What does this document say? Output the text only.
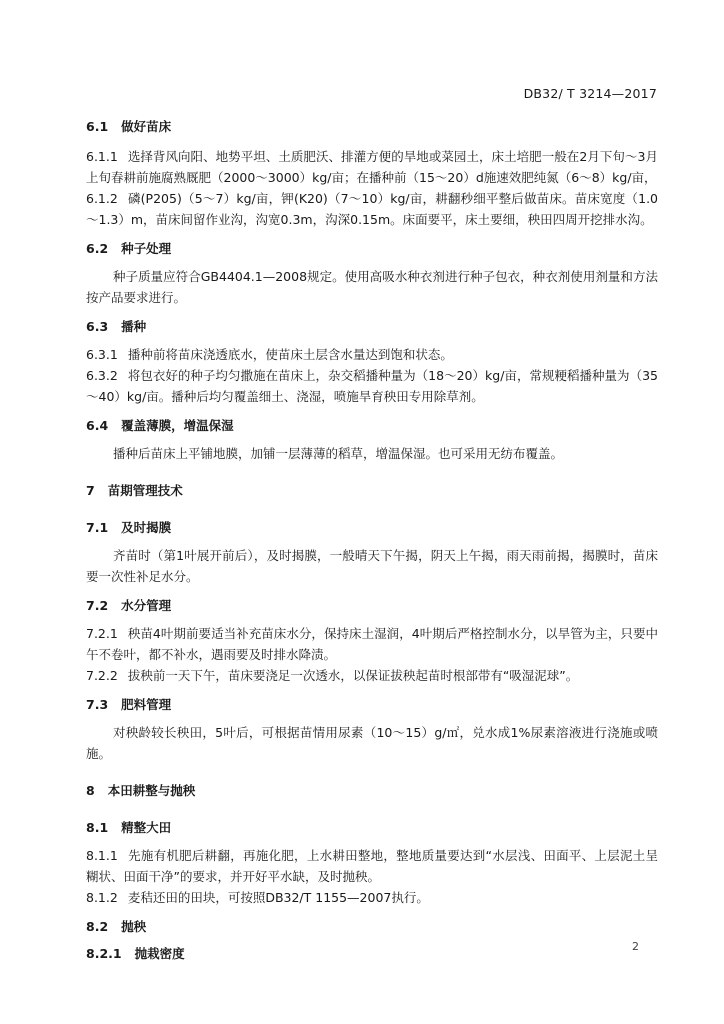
DB32/ T 3214—2017
6.1 做好苗床

6.1.1 选择背风向阳、地势平坦、土质肥沃、排灌方便的旱地或菜园土，床土培肥一般在2月下旬～3月上旬春耕前施腐熟厩肥（2000～3000）kg/亩；在播种前（15～20）d施速效肥纯氮（6～8）kg/亩，

6.1.2 磷(P205)（5～7）kg/亩，钾(K20)（7～10）kg/亩，耕翻秒细平整后做苗床。苗床宽度（1.0～1.3）m，苗床间留作业沟，沟宽0.3m，沟深0.15m。床面要平，床土要细，秧田四周开挖排水沟。

6.2 种子处理

种子质量应符合GB4404.1—2008规定。使用高吸水种衣剂进行种子包衣，种衣剂使用剂量和方法按产品要求进行。

6.3 播种

6.3.1 播种前将苗床浇透底水，使苗床土层含水量达到饱和状态。

6.3.2 将包衣好的种子均匀撒施在苗床上，杂交稻播种量为（18～20）kg/亩，常规粳稻播种量为（35～40）kg/亩。播种后均匀覆盖细土、浇湿，喷施旱育秧田专用除草剂。

6.4 覆盖薄膜，增温保湿

播种后苗床上平铺地膜，加铺一层薄薄的稻草，增温保湿。也可采用无纺布覆盖。

7 苗期管理技术
7.1 及时揭膜

齐苗时（第1叶展开前后），及时揭膜，一般晴天下午揭，阴天上午揭，雨天雨前揭，揭膜时，苗床要一次性补足水分。

7.2 水分管理

7.2.1 秧苗4叶期前要适当补充苗床水分，保持床土湿润，4叶期后严格控制水分，以旱管为主，只要中午不卷叶，都不补水，遇雨要及时排水降渍。

7.2.2 拔秧前一天下午，苗床要浇足一次透水，以保证拔秧起苗时根部带有“吸湿泥球”。

7.3 肥料管理

对秧龄较长秧田，5叶后，可根据苗情用尿素（10～15）g/㎡，兑水成1%尿素溶液进行浇施或喷施。

8 本田耕整与抛秧
8.1 精整大田

8.1.1 先施有机肥后耕翻，再施化肥，上水耕田整地，整地质量要达到“水层浅、田面平、上层泥土呈糊状、田面干净”的要求，并开好平水缺，及时抛秧。

8.1.2 麦秸还田的田块，可按照DB32/T 1155—2007执行。

8.2 抛秧
8.2.1 抛栽密度	2
